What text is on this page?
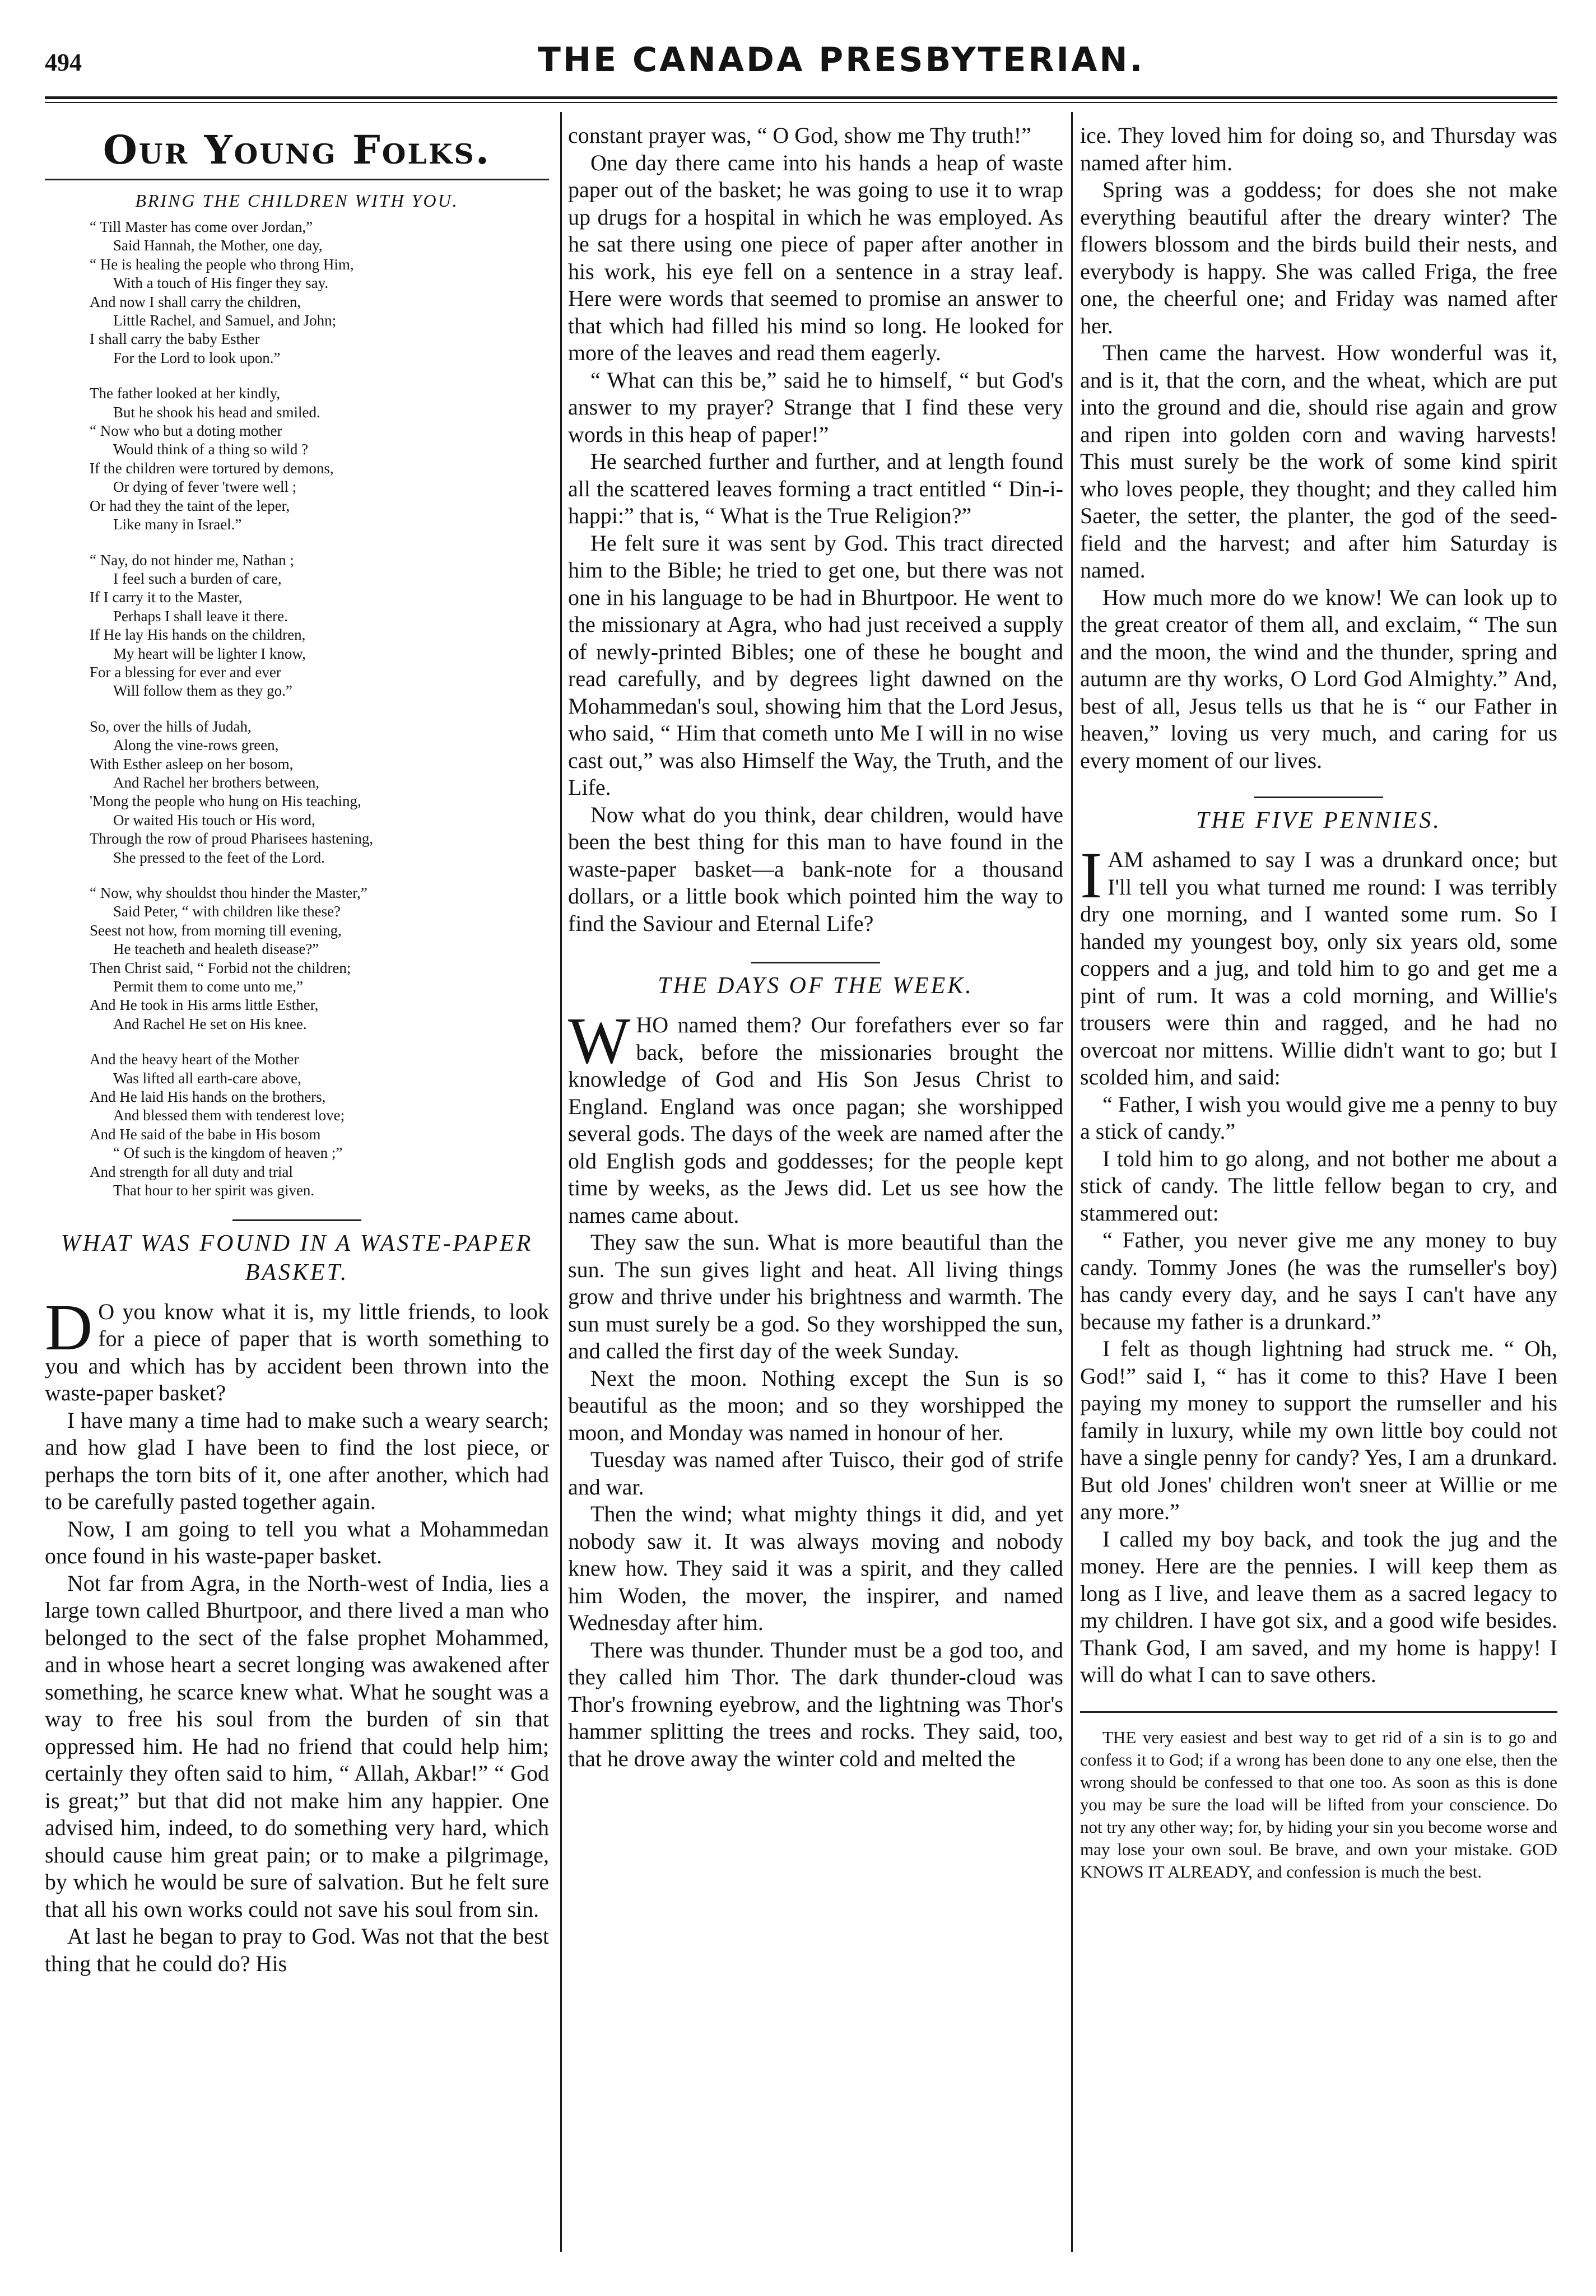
494	THE CANADA PRESBYTERIAN.
Our Young Folks.
BRING THE CHILDREN WITH YOU.
“ Till Master has come over Jordan,”
Said Hannah, the Mother, one day,
“ He is healing the people who throng Him,
With a touch of His finger they say.
And now I shall carry the children,
Little Rachel, and Samuel, and John;
I shall carry the baby Esther
For the Lord to look upon.”
The father looked at her kindly,
But he shook his head and smiled.
“ Now who but a doting mother
Would think of a thing so wild ?
If the children were tortured by demons,
Or dying of fever 'twere well ;
Or had they the taint of the leper,
Like many in Israel.”
“ Nay, do not hinder me, Nathan ;
I feel such a burden of care,
If I carry it to the Master,
Perhaps I shall leave it there.
If He lay His hands on the children,
My heart will be lighter I know,
For a blessing for ever and ever
Will follow them as they go.”
So, over the hills of Judah,
Along the vine-rows green,
With Esther asleep on her bosom,
And Rachel her brothers between,
'Mong the people who hung on His teaching,
Or waited His touch or His word,
Through the row of proud Pharisees hastening,
She pressed to the feet of the Lord.
“ Now, why shouldst thou hinder the Master,”
Said Peter, “ with children like these?
Seest not how, from morning till evening,
He teacheth and healeth disease?”
Then Christ said, “ Forbid not the children;
Permit them to come unto me,”
And He took in His arms little Esther,
And Rachel He set on His knee.
And the heavy heart of the Mother
Was lifted all earth-care above,
And He laid His hands on the brothers,
And blessed them with tenderest love;
And He said of the babe in His bosom
“ Of such is the kingdom of heaven ;”
And strength for all duty and trial
That hour to her spirit was given.
WHAT WAS FOUND IN A WASTE-PAPER BASKET.

D O you know what it is, my little friends, to look for a piece of paper that is worth something to you and which has by accident been thrown into the waste-paper basket?

I have many a time had to make such a weary search; and how glad I have been to find the lost piece, or perhaps the torn bits of it, one after another, which had to be carefully pasted together again.

Now, I am going to tell you what a Mohammedan once found in his waste-paper basket.

Not far from Agra, in the North-west of India, lies a large town called Bhurtpoor, and there lived a man who belonged to the sect of the false prophet Mohammed, and in whose heart a secret longing was awakened after something, he scarce knew what. What he sought was a way to free his soul from the burden of sin that oppressed him. He had no friend that could help him; certainly they often said to him, “ Allah, Akbar!” “ God is great;” but that did not make him any happier. One advised him, indeed, to do something very hard, which should cause him great pain; or to make a pilgrimage, by which he would be sure of salvation. But he felt sure that all his own works could not save his soul from sin.

At last he began to pray to God. Was not that the best thing that he could do? His

constant prayer was, “ O God, show me Thy truth!”

One day there came into his hands a heap of waste paper out of the basket; he was going to use it to wrap up drugs for a hospital in which he was employed. As he sat there using one piece of paper after another in his work, his eye fell on a sentence in a stray leaf. Here were words that seemed to promise an answer to that which had filled his mind so long. He looked for more of the leaves and read them eagerly.

“ What can this be,” said he to himself, “ but God's answer to my prayer? Strange that I find these very words in this heap of paper!”

He searched further and further, and at length found all the scattered leaves forming a tract entitled “ Din-i-happi:” that is, “ What is the True Religion?”

He felt sure it was sent by God. This tract directed him to the Bible; he tried to get one, but there was not one in his language to be had in Bhurtpoor. He went to the missionary at Agra, who had just received a supply of newly-printed Bibles; one of these he bought and read carefully, and by degrees light dawned on the Mohammedan's soul, showing him that the Lord Jesus, who said, “ Him that cometh unto Me I will in no wise cast out,” was also Himself the Way, the Truth, and the Life.

Now what do you think, dear children, would have been the best thing for this man to have found in the waste-paper basket—a bank-note for a thousand dollars, or a little book which pointed him the way to find the Saviour and Eternal Life?

THE DAYS OF THE WEEK.

WHO named them? Our forefathers ever so far back, before the missionaries brought the knowledge of God and His Son Jesus Christ to England. England was once pagan; she worshipped several gods. The days of the week are named after the old English gods and goddesses; for the people kept time by weeks, as the Jews did. Let us see how the names came about.

They saw the sun. What is more beautiful than the sun. The sun gives light and heat. All living things grow and thrive under his brightness and warmth. The sun must surely be a god. So they worshipped the sun, and called the first day of the week Sunday.

Next the moon. Nothing except the Sun is so beautiful as the moon; and so they worshipped the moon, and Monday was named in honour of her.

Tuesday was named after Tuisco, their god of strife and war.

Then the wind; what mighty things it did, and yet nobody saw it. It was always moving and nobody knew how. They said it was a spirit, and they called him Woden, the mover, the inspirer, and named Wednesday after him.

There was thunder. Thunder must be a god too, and they called him Thor. The dark thunder-cloud was Thor's frowning eyebrow, and the lightning was Thor's hammer splitting the trees and rocks. They said, too, that he drove away the winter cold and melted the

ice. They loved him for doing so, and Thursday was named after him.

Spring was a goddess; for does she not make everything beautiful after the dreary winter? The flowers blossom and the birds build their nests, and everybody is happy. She was called Friga, the free one, the cheerful one; and Friday was named after her.

Then came the harvest. How wonderful was it, and is it, that the corn, and the wheat, which are put into the ground and die, should rise again and grow and ripen into golden corn and waving harvests! This must surely be the work of some kind spirit who loves people, they thought; and they called him Saeter, the setter, the planter, the god of the seed-field and the harvest; and after him Saturday is named.

How much more do we know! We can look up to the great creator of them all, and exclaim, “ The sun and the moon, the wind and the thunder, spring and autumn are thy works, O Lord God Almighty.” And, best of all, Jesus tells us that he is “ our Father in heaven,” loving us very much, and caring for us every moment of our lives.

THE FIVE PENNIES.

IAM ashamed to say I was a drunkard once; but I'll tell you what turned me round: I was terribly dry one morning, and I wanted some rum. So I handed my youngest boy, only six years old, some coppers and a jug, and told him to go and get me a pint of rum. It was a cold morning, and Willie's trousers were thin and ragged, and he had no overcoat nor mittens. Willie didn't want to go; but I scolded him, and said:

“ Father, I wish you would give me a penny to buy a stick of candy.”

I told him to go along, and not bother me about a stick of candy. The little fellow began to cry, and stammered out:

“ Father, you never give me any money to buy candy. Tommy Jones (he was the rumseller's boy) has candy every day, and he says I can't have any because my father is a drunkard.”

I felt as though lightning had struck me. “ Oh, God!” said I, “ has it come to this? Have I been paying my money to support the rumseller and his family in luxury, while my own little boy could not have a single penny for candy? Yes, I am a drunkard. But old Jones' children won't sneer at Willie or me any more.”

I called my boy back, and took the jug and the money. Here are the pennies. I will keep them as long as I live, and leave them as a sacred legacy to my children. I have got six, and a good wife besides. Thank God, I am saved, and my home is happy! I will do what I can to save others.

THE very easiest and best way to get rid of a sin is to go and confess it to God; if a wrong has been done to any one else, then the wrong should be confessed to that one too. As soon as this is done you may be sure the load will be lifted from your conscience. Do not try any other way; for, by hiding your sin you become worse and may lose your own soul. Be brave, and own your mistake. GOD KNOWS IT ALREADY, and confession is much the best.
